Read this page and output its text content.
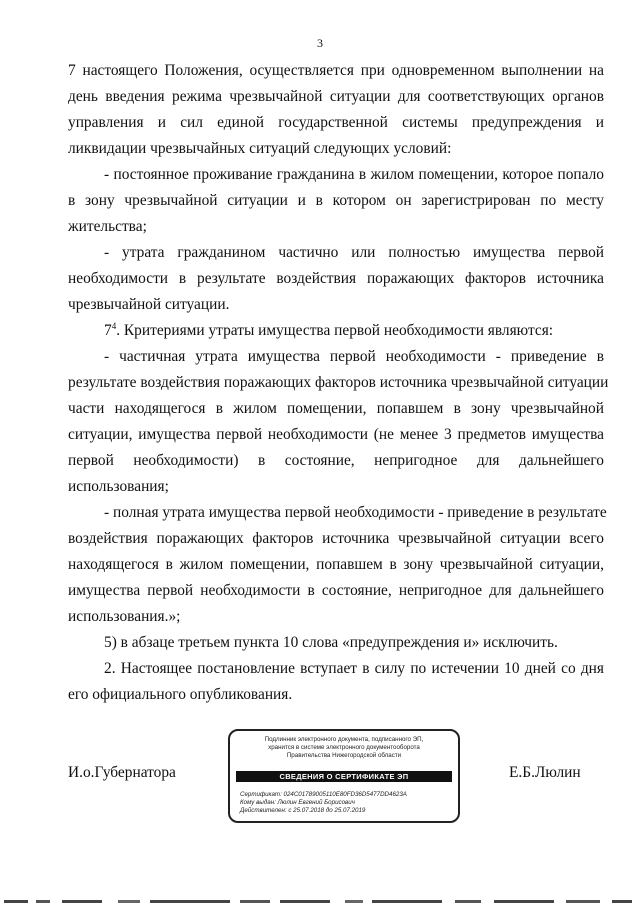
3
7 настоящего Положения, осуществляется при одновременном выполнении на
день введения режима чрезвычайной ситуации для соответствующих органов
управления и сил единой государственной системы предупреждения и
ликвидации чрезвычайных ситуаций следующих условий:
- постоянное проживание гражданина в жилом помещении, которое попало
в зону чрезвычайной ситуации и в котором он зарегистрирован по месту
жительства;
- утрата гражданином частично или полностью имущества первой
необходимости в результате воздействия поражающих факторов источника
чрезвычайной ситуации.
$7^4$. Критериями утраты имущества первой необходимости являются:
- частичная утрата имущества первой необходимости - приведение в
результате воздействия поражающих факторов источника чрезвычайной ситуации
части находящегося в жилом помещении, попавшем в зону чрезвычайной
ситуации, имущества первой необходимости (не менее 3 предметов имущества
первой необходимости) в состояние, непригодное для дальнейшего
использования;
- полная утрата имущества первой необходимости - приведение в результате
воздействия поражающих факторов источника чрезвычайной ситуации всего
находящегося в жилом помещении, попавшем в зону чрезвычайной ситуации,
имущества первой необходимости в состояние, непригодное для дальнейшего
использования.»;
5) в абзаце третьем пункта 10 слова «предупреждения и» исключить.
2. Настоящее постановление вступает в силу по истечении 10 дней со дня
его официального опубликования.
И.о.Губернатора	Е.Б.Люлин
Подлинник электронного документа, подписанного ЭП,
хранится в системе электронного документооборота
Правительства Нижегородской области
СВЕДЕНИЯ О СЕРТИФИКАТЕ ЭП
Сертификат: 024C01789005110E80FD36D5477DD4623A
Кому выдан: Люлин Евгений Борисович
Действителен: с 25.07.2018 до 25.07.2019
